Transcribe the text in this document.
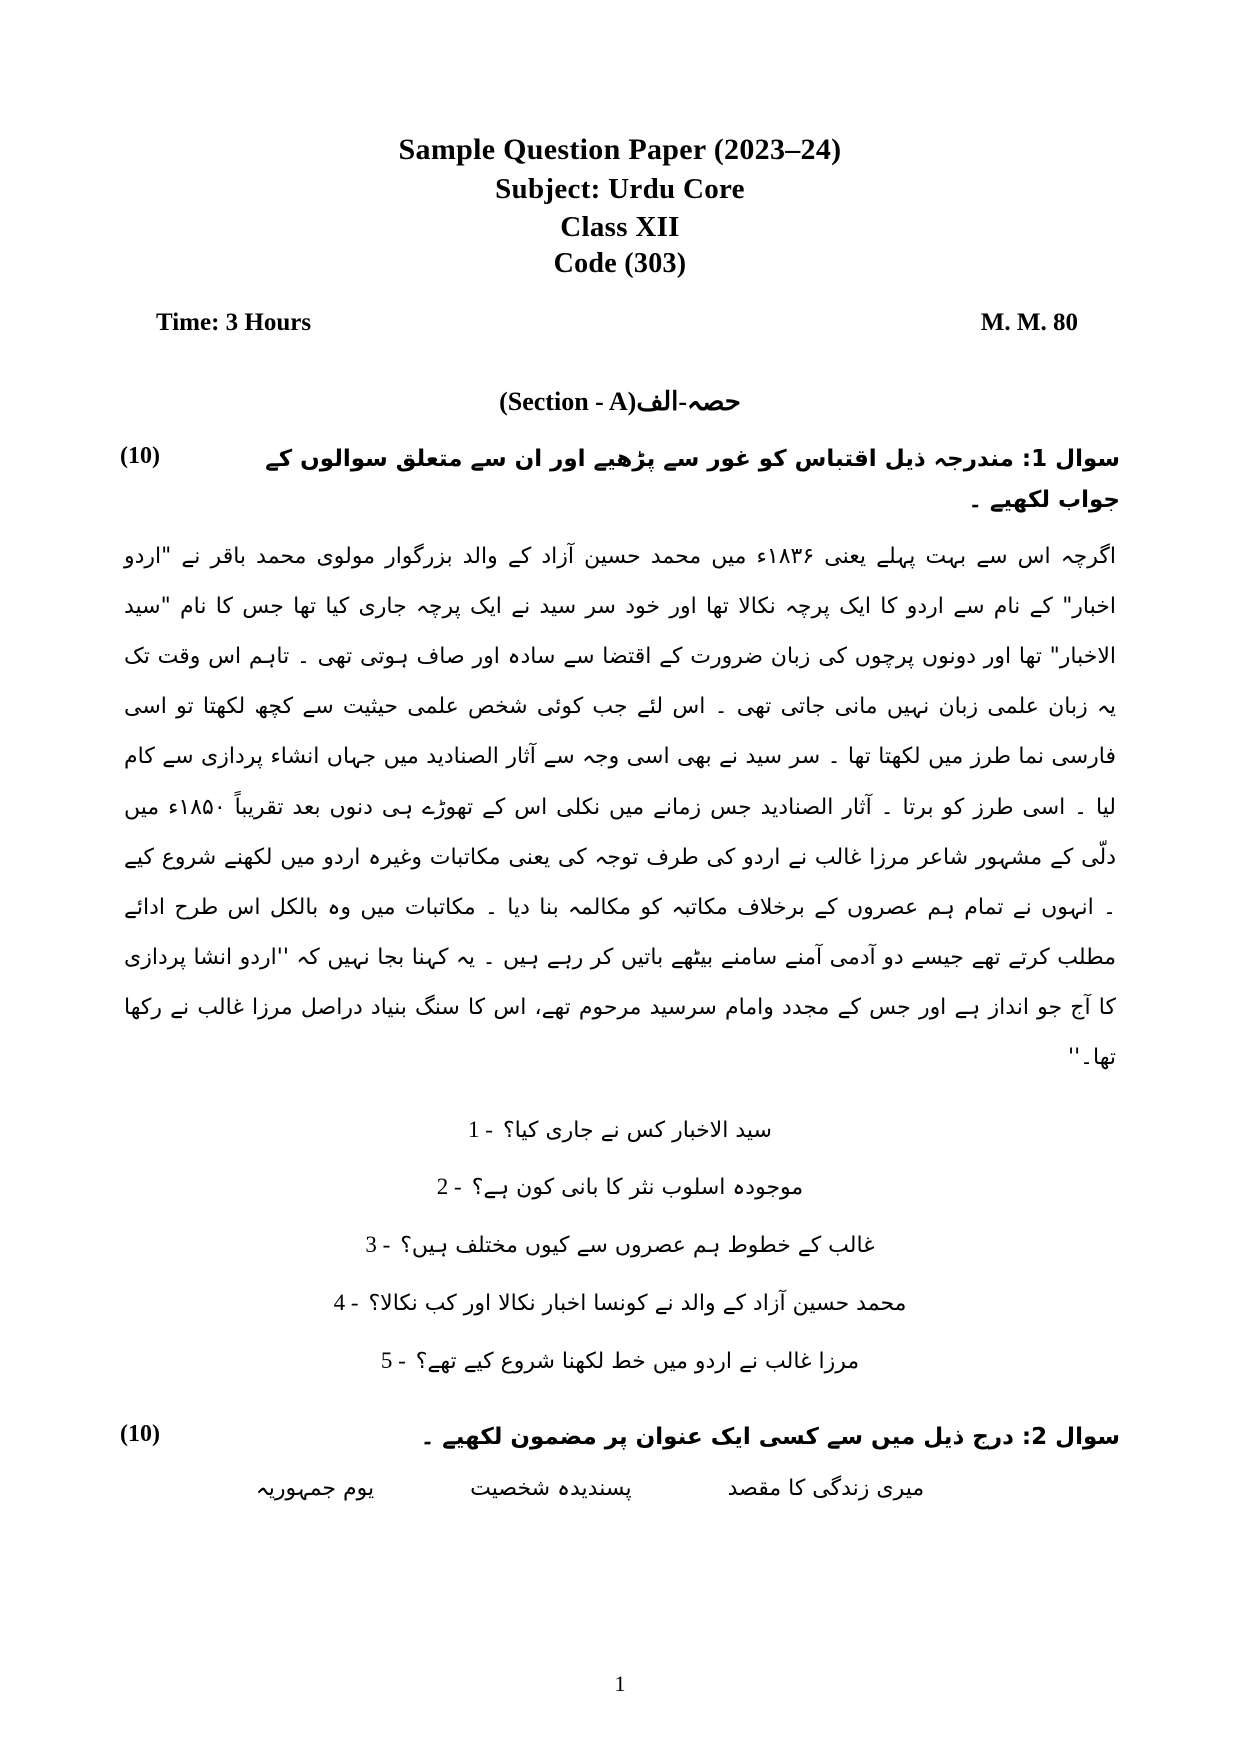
Sample Question Paper (2023–24)
Subject: Urdu Core
Class XII
Code (303)
Time: 3 Hours	M. M. 80
حصہ-الف(Section - A)
(10)	سوال 1: مندرجہ ذیل اقتباس کو غور سے پڑھیے اور ان سے متعلق سوالوں کے جواب لکھیے ۔

اگرچہ اس سے بہت پہلے یعنی ۱۸۳۶ء میں محمد حسین آزاد کے والد بزرگوار مولوی محمد باقر نے "اردو اخبار" کے نام سے اردو کا ایک پرچہ نکالا تھا اور خود سر سید نے ایک پرچہ جاری کیا تھا جس کا نام "سید الاخبار" تھا اور دونوں پرچوں کی زبان ضرورت کے اقتضا سے سادہ اور صاف ہوتی تھی ۔ تاہم اس وقت تک یہ زبان علمی زبان نہیں مانی جاتی تھی ۔ اس لئے جب کوئی شخص علمی حیثیت سے کچھ لکھتا تو اسی فارسی نما طرز میں لکھتا تھا ۔ سر سید نے بھی اسی وجہ سے آثار الصنادید میں جہاں انشاء پردازی سے کام لیا ۔ اسی طرز کو برتا ۔ آثار الصنادید جس زمانے میں نکلی اس کے تھوڑے ہی دنوں بعد تقریباً ۱۸۵۰ء میں دلّی کے مشہور شاعر مرزا غالب نے اردو کی طرف توجہ کی یعنی مکاتبات وغیرہ اردو میں لکھنے شروع کیے ۔ انہوں نے تمام ہم عصروں کے برخلاف مکاتبہ کو مکالمہ بنا دیا ۔ مکاتبات میں وہ بالکل اس طرح ادائے مطلب کرتے تھے جیسے دو آدمی آمنے سامنے بیٹھے باتیں کر رہے ہیں ۔ یہ کہنا بجا نہیں کہ ''اردو انشا پردازی کا آج جو انداز ہے اور جس کے مجدد وامام سرسید مرحوم تھے، اس کا سنگ بنیاد دراصل مرزا غالب نے رکھا تھا۔''

سید الاخبار کس نے جاری کیا؟
1 -
موجودہ اسلوب نثر کا بانی کون ہے؟
2 -
غالب کے خطوط ہم عصروں سے کیوں مختلف ہیں؟
3 -
محمد حسین آزاد کے والد نے کونسا اخبار نکالا اور کب نکالا؟
4 -
مرزا غالب نے اردو میں خط لکھنا شروع کیے تھے؟
5 -
(10)	سوال 2: درج ذیل میں سے کسی ایک عنوان پر مضمون لکھیے ۔
میری زندگی کا مقصد
پسندیدہ شخصیت
یوم جمہوریہ
1
